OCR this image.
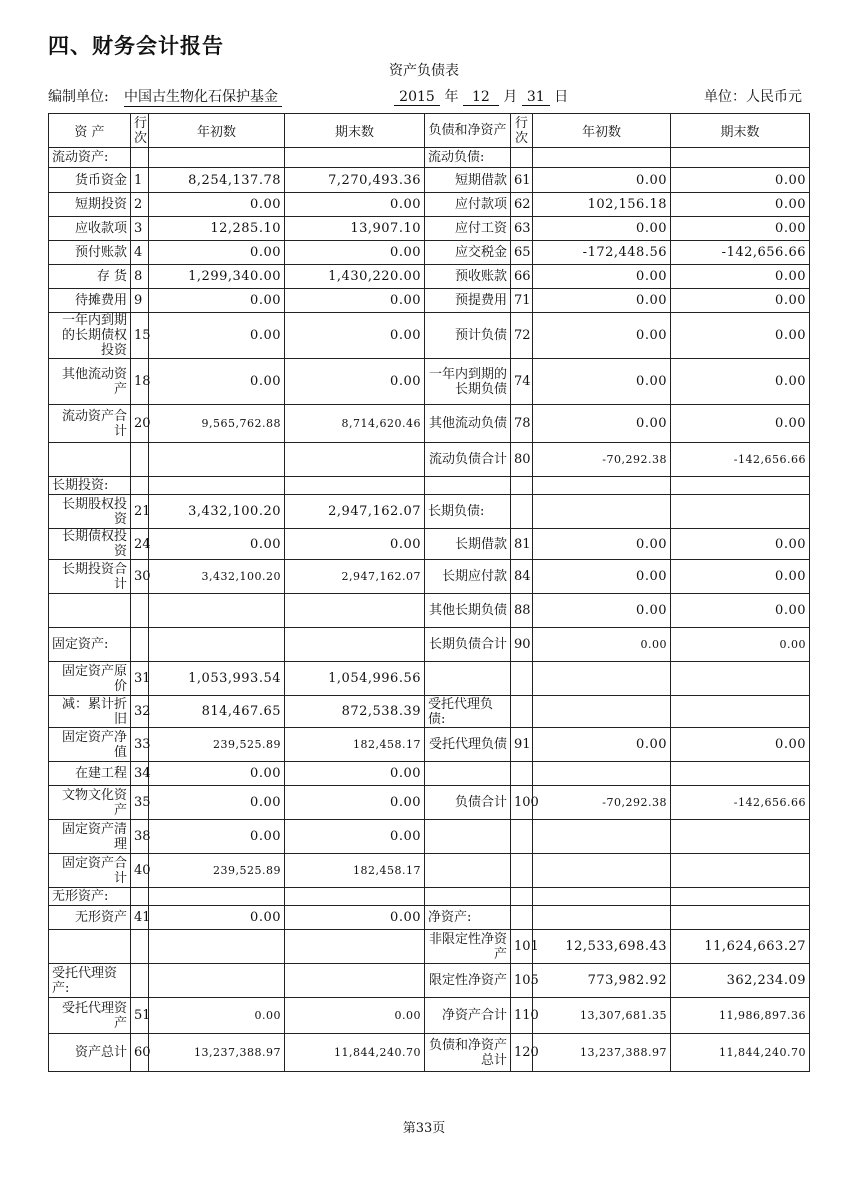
四、财务会计报告
资产负债表
编制单位: 中国古生物化石保护基金	2015 年 12 月 31 日	单位：人民币元
资 产	行次	年初数	期末数	负债和净资产	行次	年初数	期末数
流动资产:				流动负债:			
货币资金	1	8,254,137.78	7,270,493.36	短期借款	61	0.00	0.00
短期投资	2	0.00	0.00	应付款项	62	102,156.18	0.00
应收款项	3	12,285.10	13,907.10	应付工资	63	0.00	0.00
预付账款	4	0.00	0.00	应交税金	65	-172,448.56	-142,656.66
存 货	8	1,299,340.00	1,430,220.00	预收账款	66	0.00	0.00
待摊费用	9	0.00	0.00	预提费用	71	0.00	0.00
一年内到期的长期债权投资	15	0.00	0.00	预计负债	72	0.00	0.00
其他流动资产	18	0.00	0.00	一年内到期的长期负债	74	0.00	0.00
流动资产合计	20	9,565,762.88	8,714,620.46	其他流动负债	78	0.00	0.00
				流动负债合计	80	-70,292.38	-142,656.66
长期投资:							
长期股权投资	21	3,432,100.20	2,947,162.07	长期负债:			
长期债权投资	24	0.00	0.00	长期借款	81	0.00	0.00
长期投资合计	30	3,432,100.20	2,947,162.07	长期应付款	84	0.00	0.00
				其他长期负债	88	0.00	0.00
固定资产:				长期负债合计	90	0.00	0.00
固定资产原价	31	1,053,993.54	1,054,996.56				
减：累计折旧	32	814,467.65	872,538.39	受托代理负债:			
固定资产净值	33	239,525.89	182,458.17	受托代理负债	91	0.00	0.00
在建工程	34	0.00	0.00				
文物文化资产	35	0.00	0.00	负债合计	100	-70,292.38	-142,656.66
固定资产清理	38	0.00	0.00				
固定资产合计	40	239,525.89	182,458.17				
无形资产:							
无形资产	41	0.00	0.00	净资产:			
				非限定性净资产	101	12,533,698.43	11,624,663.27
受托代理资产:				限定性净资产	105	773,982.92	362,234.09
受托代理资产	51	0.00	0.00	净资产合计	110	13,307,681.35	11,986,897.36
资产总计	60	13,237,388.97	11,844,240.70	负债和净资产总计	120	13,237,388.97	11,844,240.70
第33页
